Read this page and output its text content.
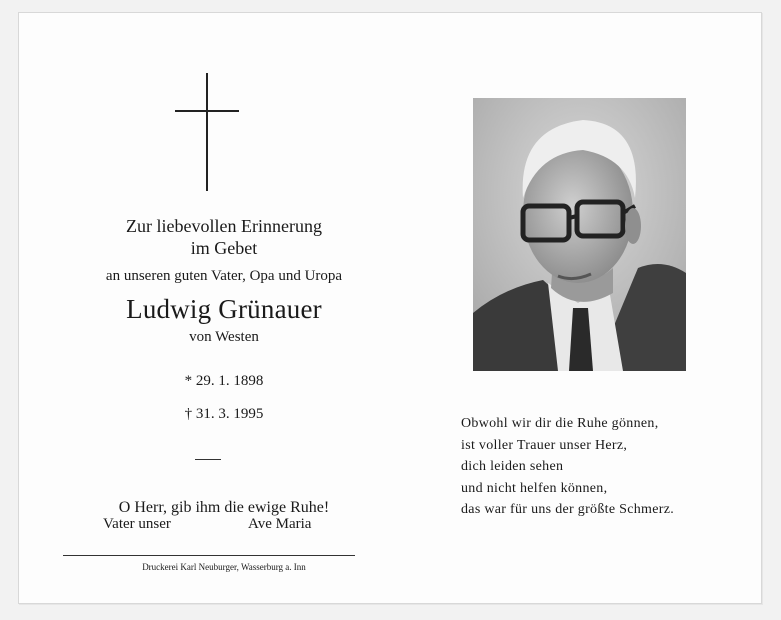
Zur liebevollen Erinnerung
im Gebet
an unseren guten Vater, Opa und Uropa
Ludwig Grünauer
von Westen
* 29. 1. 1898
† 31. 3. 1995
O Herr, gib ihm die ewige Ruhe!
Vater unser	Ave Maria
Druckerei Karl Neuburger, Wasserburg a. Inn
Obwohl wir dir die Ruhe gönnen,
ist voller Trauer unser Herz,
dich leiden sehen
und nicht helfen können,
das war für uns der größte Schmerz.
